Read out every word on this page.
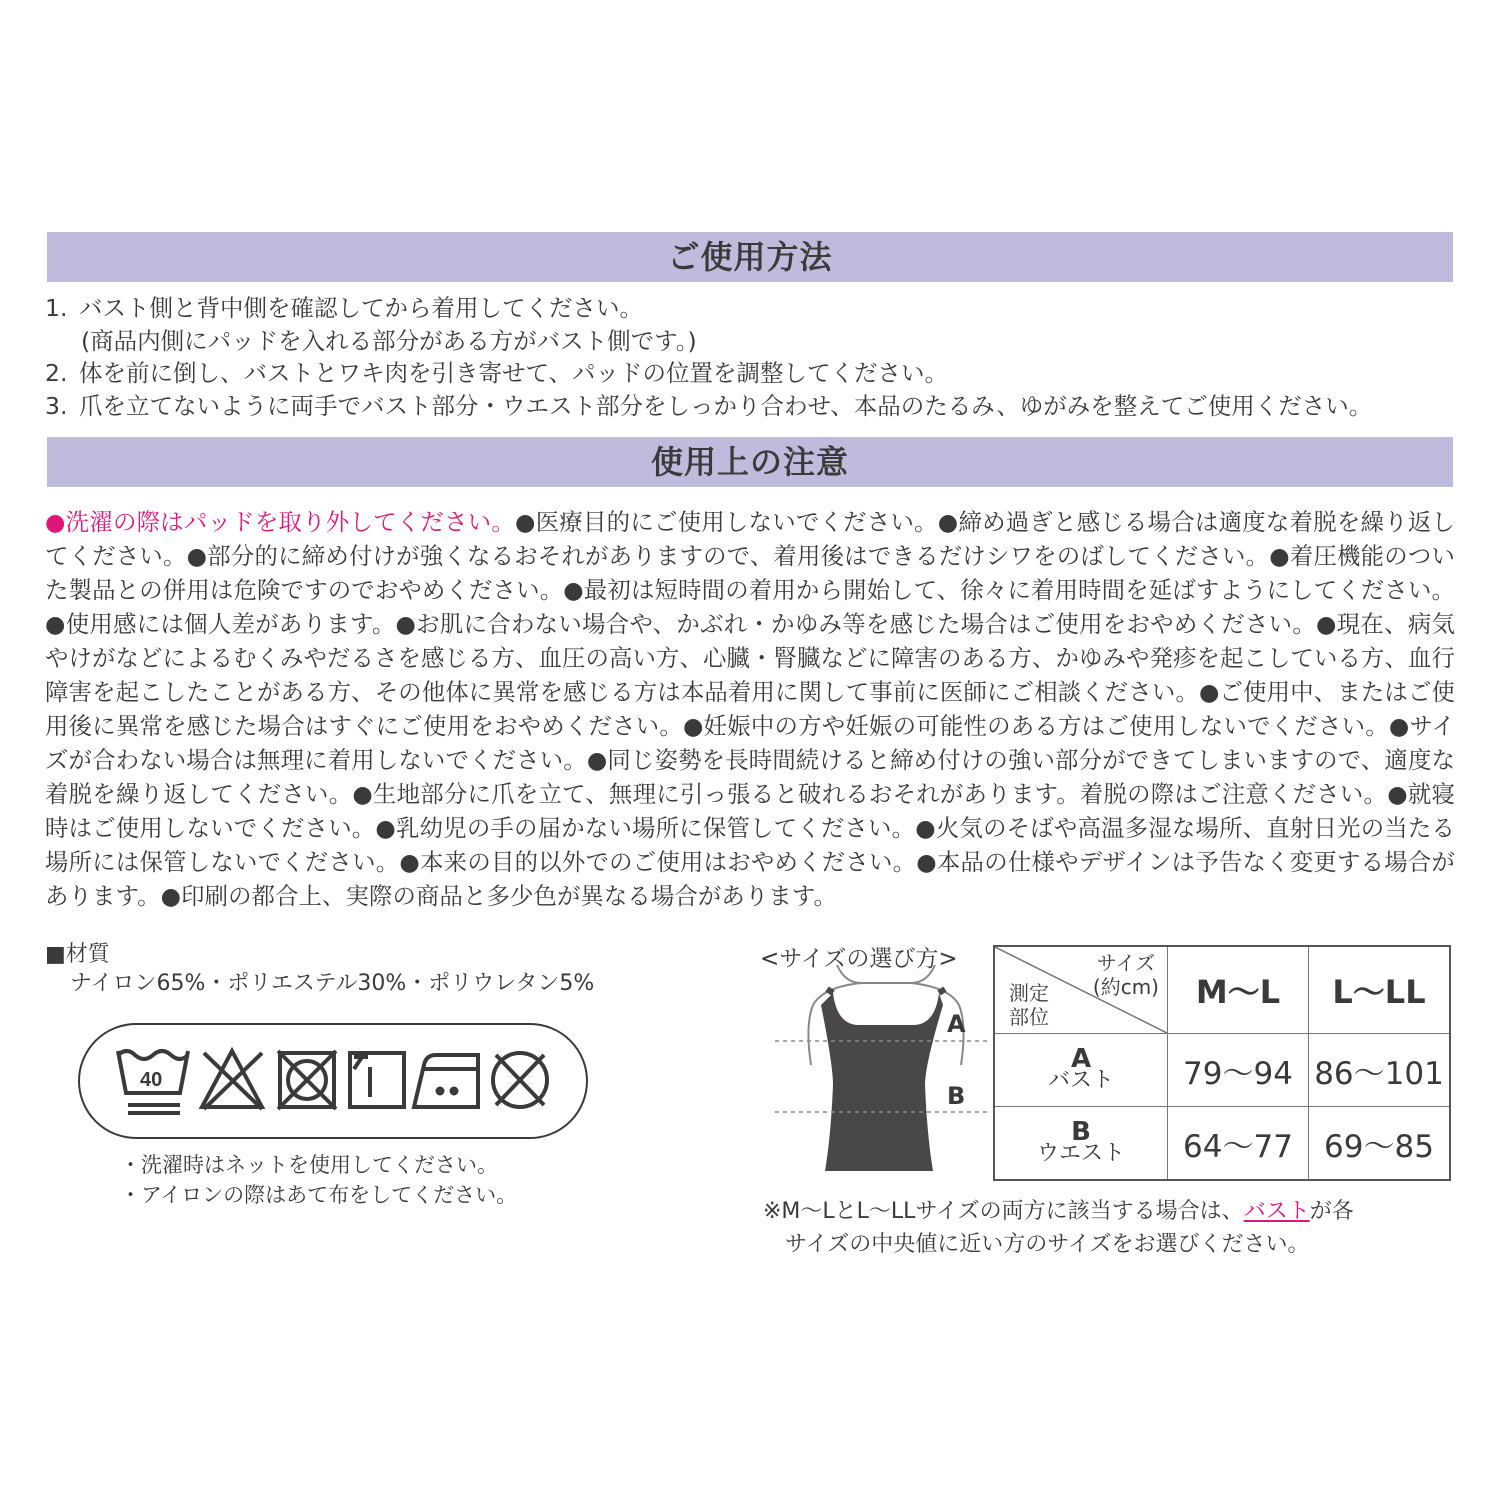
ご使用方法
1. バスト側と背中側を確認してから着用してください。
(商品内側にパッドを入れる部分がある方がバスト側です。)
2. 体を前に倒し、バストとワキ肉を引き寄せて、パッドの位置を調整してください。
3. 爪を立てないように両手でバスト部分・ウエスト部分をしっかり合わせ、本品のたるみ、ゆがみを整えてご使用ください。
使用上の注意
●洗濯の際はパッドを取り外してください。●医療目的にご使用しないでください。●締め過ぎと感じる場合は適度な着脱を繰り返してください。●部分的に締め付けが強くなるおそれがありますので、着用後はできるだけシワをのばしてください。●着圧機能のついた製品との併用は危険ですのでおやめください。●最初は短時間の着用から開始して、徐々に着用時間を延ばすようにしてください。●使用感には個人差があります。●お肌に合わない場合や、かぶれ・かゆみ等を感じた場合はご使用をおやめください。●現在、病気やけがなどによるむくみやだるさを感じる方、血圧の高い方、心臓・腎臓などに障害のある方、かゆみや発疹を起こしている方、血行障害を起こしたことがある方、その他体に異常を感じる方は本品着用に関して事前に医師にご相談ください。●ご使用中、またはご使用後に異常を感じた場合はすぐにご使用をおやめください。●妊娠中の方や妊娠の可能性のある方はご使用しないでください。●サイズが合わない場合は無理に着用しないでください。●同じ姿勢を長時間続けると締め付けの強い部分ができてしまいますので、適度な着脱を繰り返してください。●生地部分に爪を立て、無理に引っ張ると破れるおそれがあります。着脱の際はご注意ください。●就寝時はご使用しないでください。●乳幼児の手の届かない場所に保管してください。●火気のそばや高温多湿な場所、直射日光の当たる場所には保管しないでください。●本来の目的以外でのご使用はおやめください。●本品の仕様やデザインは予告なく変更する場合があります。●印刷の都合上、実際の商品と多少色が異なる場合があります。
■材質
ナイロン65%・ポリエステル30%・ポリウレタン5%
40
・洗濯時はネットを使用してください。
・アイロンの際はあて布をしてください。
<サイズの選び方>
A
B
サイズ
(約cm)
測定
部位	M～L	L～LL

A
バスト	79～94	86～101

B
ウエスト	64～77	69～85
※M～LとL～LLサイズの両方に該当する場合は、バストが各
サイズの中央値に近い方のサイズをお選びください。
